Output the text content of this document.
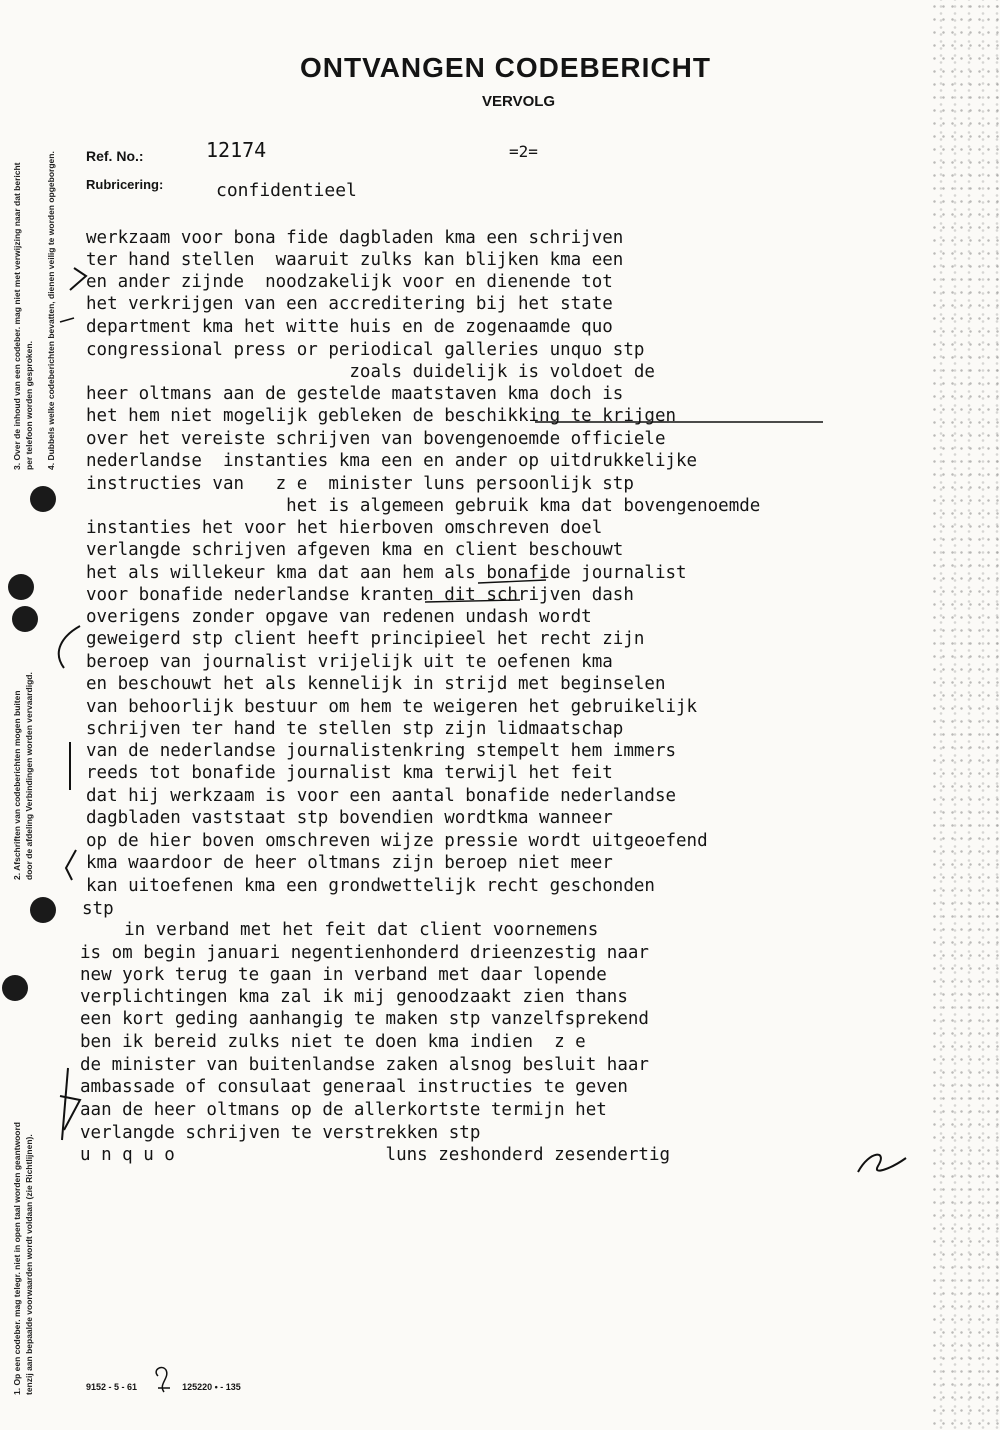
ONTVANGEN CODEBERICHT
VERVOLG
Ref. No.:	12174	=2=
Rubricering:	confidentieel
werkzaam voor bona fide dagbladen kma een schrijven
ter hand stellen  waaruit zulks kan blijken kma een
en ander zijnde  noodzakelijk voor en dienende tot
het verkrijgen van een accreditering bij het state
department kma het witte huis en de zogenaamde quo
congressional press or periodical galleries unquo stp
zoals duidelijk is voldoet de
heer oltmans aan de gestelde maatstaven kma doch is
het hem niet mogelijk gebleken de beschikking te krijgen
over het vereiste schrijven van bovengenoemde officiele
nederlandse  instanties kma een en ander op uitdrukkelijke
instructies van   z e  minister luns persoonlijk stp
het is algemeen gebruik kma dat bovengenoemde
instanties het voor het hierboven omschreven doel
verlangde schrijven afgeven kma en client beschouwt
het als willekeur kma dat aan hem als bonafide journalist
voor bonafide nederlandse kranten dit schrijven dash
overigens zonder opgave van redenen undash wordt
geweigerd stp client heeft principieel het recht zijn
beroep van journalist vrijelijk uit te oefenen kma
en beschouwt het als kennelijk in strijd met beginselen
van behoorlijk bestuur om hem te weigeren het gebruikelijk
schrijven ter hand te stellen stp zijn lidmaatschap
van de nederlandse journalistenkring stempelt hem immers
reeds tot bonafide journalist kma terwijl het feit
dat hij werkzaam is voor een aantal bonafide nederlandse
dagbladen vaststaat stp bovendien wordtkma wanneer
op de hier boven omschreven wijze pressie wordt uitgeoefend
kma waardoor de heer oltmans zijn beroep niet meer
kan uitoefenen kma een grondwettelijk recht geschonden
stp
in verband met het feit dat client voornemens
is om begin januari negentienhonderd drieenzestig naar
new york terug te gaan in verband met daar lopende
verplichtingen kma zal ik mij genoodzaakt zien thans
een kort geding aanhangig te maken stp vanzelfsprekend
ben ik bereid zulks niet te doen kma indien  z e
de minister van buitenlandse zaken alsnog besluit haar
ambassade of consulaat generaal instructies te geven
aan de heer oltmans op de allerkortste termijn het
verlangde schrijven te verstrekken stp
u n q u o                    luns zeshonderd zesendertig
1. Op een codeber. mag telegr. niet in open taal worden geantwoord tenzij aan bepaalde voorwaarden wordt voldaan (zie Richtlijnen).
2. Afschriften van codeberichten mogen buiten door de afdeling Verbindingen worden vervaardigd.
3. Over de inhoud van een codeber. mag niet met verwijzing naar dat bericht per telefoon worden gesproken. 4. Dubbels welke codeberichten bevatten, dienen veilig te worden opgeborgen.
9152 - 5 - 61	125220 • - 135
